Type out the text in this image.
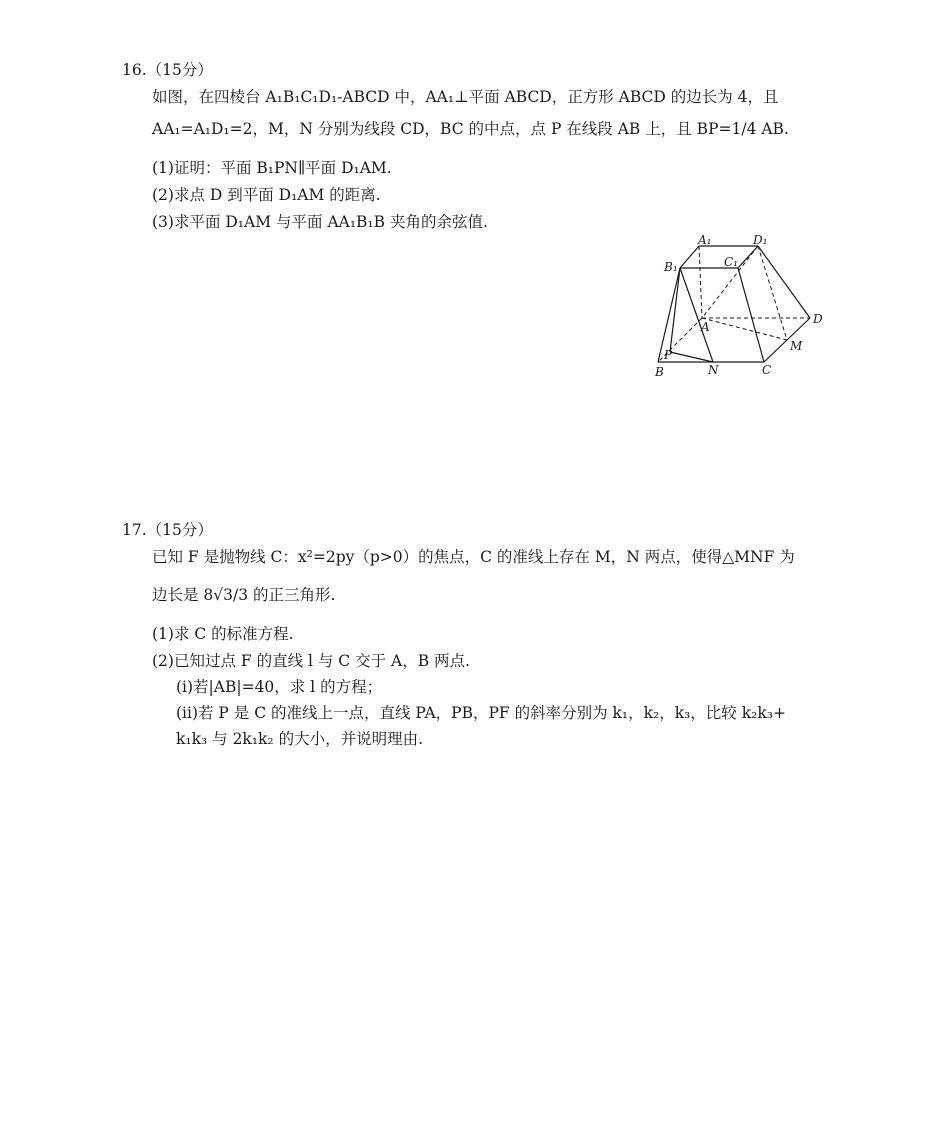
16.（15分）
如图，在四棱台 A₁B₁C₁D₁-ABCD 中，AA₁⊥平面 ABCD，正方形 ABCD 的边长为 4，且
AA₁=A₁D₁=2，M，N 分别为线段 CD，BC 的中点，点 P 在线段 AB 上，且 BP=1/4 AB.
(1)证明：平面 B₁PN∥平面 D₁AM.
(2)求点 D 到平面 D₁AM 的距离.
(3)求平面 D₁AM 与平面 AA₁B₁B 夹角的余弦值.
A₁	D₁
B₁	C₁
A
D
M
P
B	N	C
17.（15分）
已知 F 是抛物线 C：x²=2py（p>0）的焦点，C 的准线上存在 M，N 两点，使得△MNF 为
边长是 8√3/3 的正三角形.
(1)求 C 的标准方程.
(2)已知过点 F 的直线 l 与 C 交于 A，B 两点.
(ⅰ)若|AB|=40，求 l 的方程；
(ⅱ)若 P 是 C 的准线上一点，直线 PA，PB，PF 的斜率分别为 k₁，k₂，k₃，比较 k₂k₃+
k₁k₃ 与 2k₁k₂ 的大小，并说明理由.
